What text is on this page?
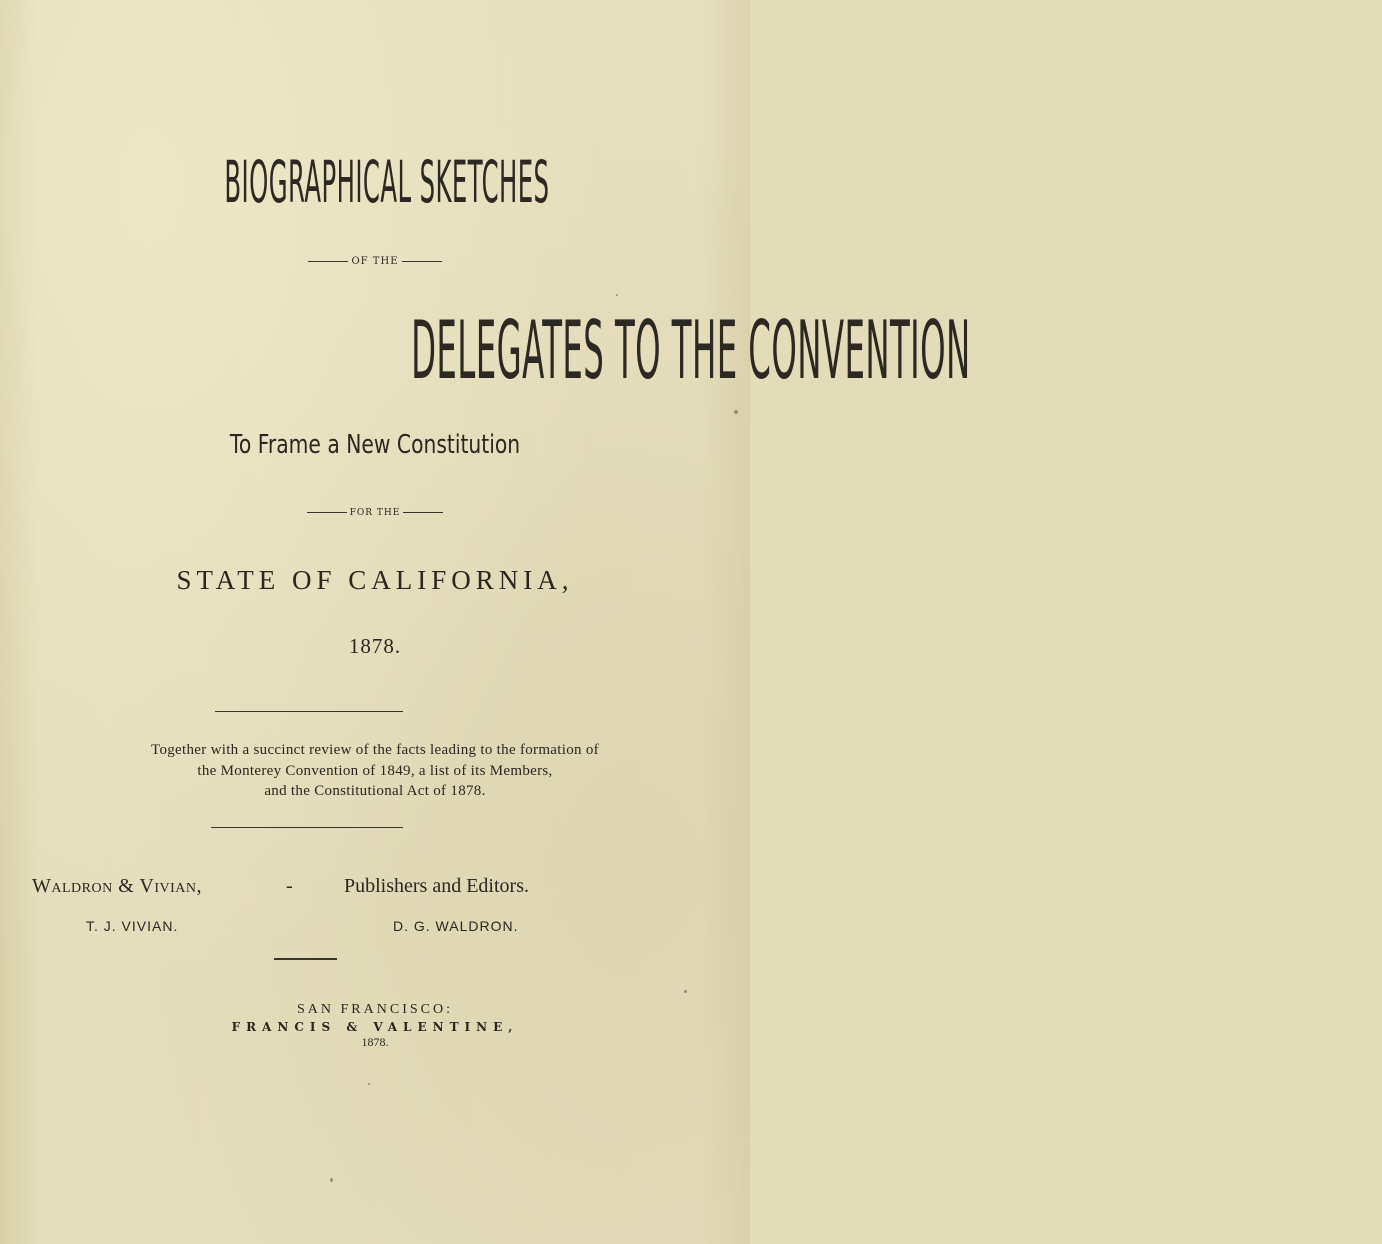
BIOGRAPHICAL SKETCHES
OF THE
DELEGATES TO THE CONVENTION
To Frame a New Constitution
FOR THE
STATE OF CALIFORNIA,
1878.
Together with a succinct review of the facts leading to the formation of
the Monterey Convention of 1849, a list of its Members,
and the Constitutional Act of 1878.
Waldron & Vivian,	-	Publishers and Editors.
T. J. VIVIAN.	D. G. WALDRON.
SAN FRANCISCO:
FRANCIS & VALENTINE,
1878.
